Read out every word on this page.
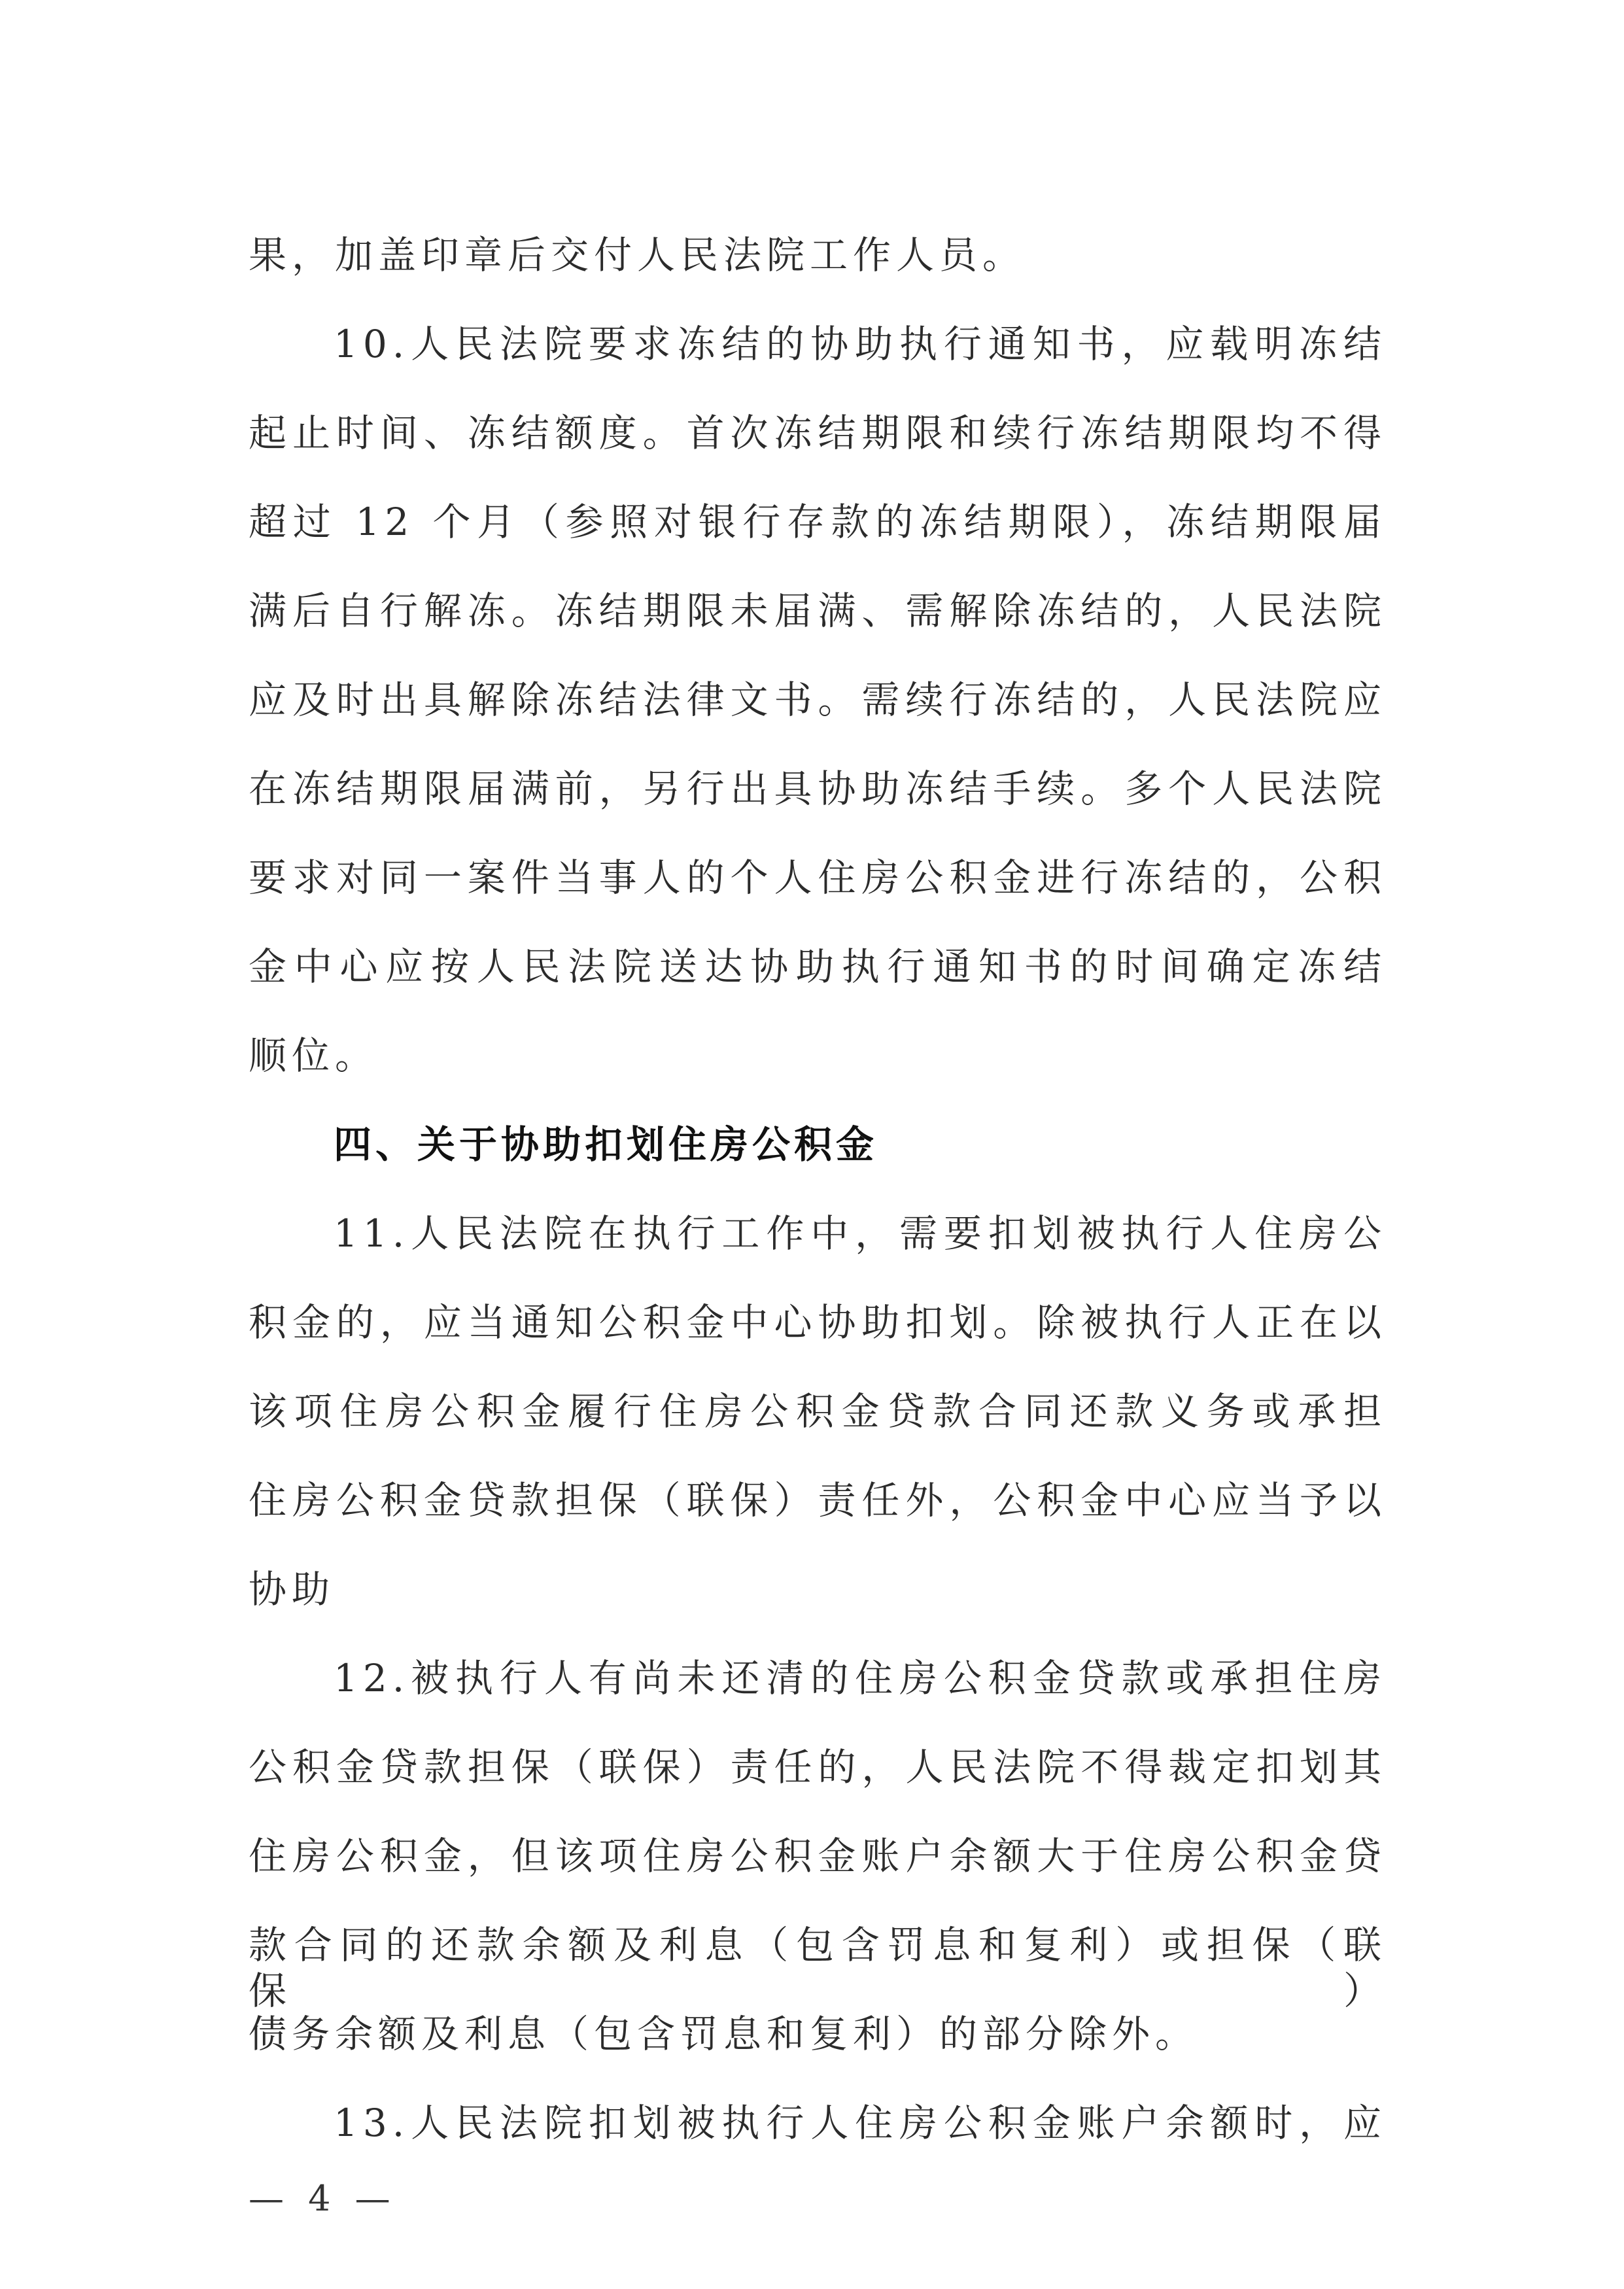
果，加盖印章后交付人民法院工作人员。
10.人民法院要求冻结的协助执行通知书，应载明冻结
起止时间、冻结额度。首次冻结期限和续行冻结期限均不得
超过 12 个月（参照对银行存款的冻结期限），冻结期限届
满后自行解冻。冻结期限未届满、需解除冻结的，人民法院
应及时出具解除冻结法律文书。需续行冻结的，人民法院应
在冻结期限届满前，另行出具协助冻结手续。多个人民法院
要求对同一案件当事人的个人住房公积金进行冻结的，公积
金中心应按人民法院送达协助执行通知书的时间确定冻结
顺位。
四、关于协助扣划住房公积金
11.人民法院在执行工作中，需要扣划被执行人住房公
积金的，应当通知公积金中心协助扣划。除被执行人正在以
该项住房公积金履行住房公积金贷款合同还款义务或承担
住房公积金贷款担保（联保）责任外，公积金中心应当予以
协助
12.被执行人有尚未还清的住房公积金贷款或承担住房
公积金贷款担保（联保）责任的，人民法院不得裁定扣划其
住房公积金，但该项住房公积金账户余额大于住房公积金贷
款合同的还款余额及利息（包含罚息和复利）或担保（联保）
债务余额及利息（包含罚息和复利）的部分除外。
13.人民法院扣划被执行人住房公积金账户余额时，应
— 4 —
